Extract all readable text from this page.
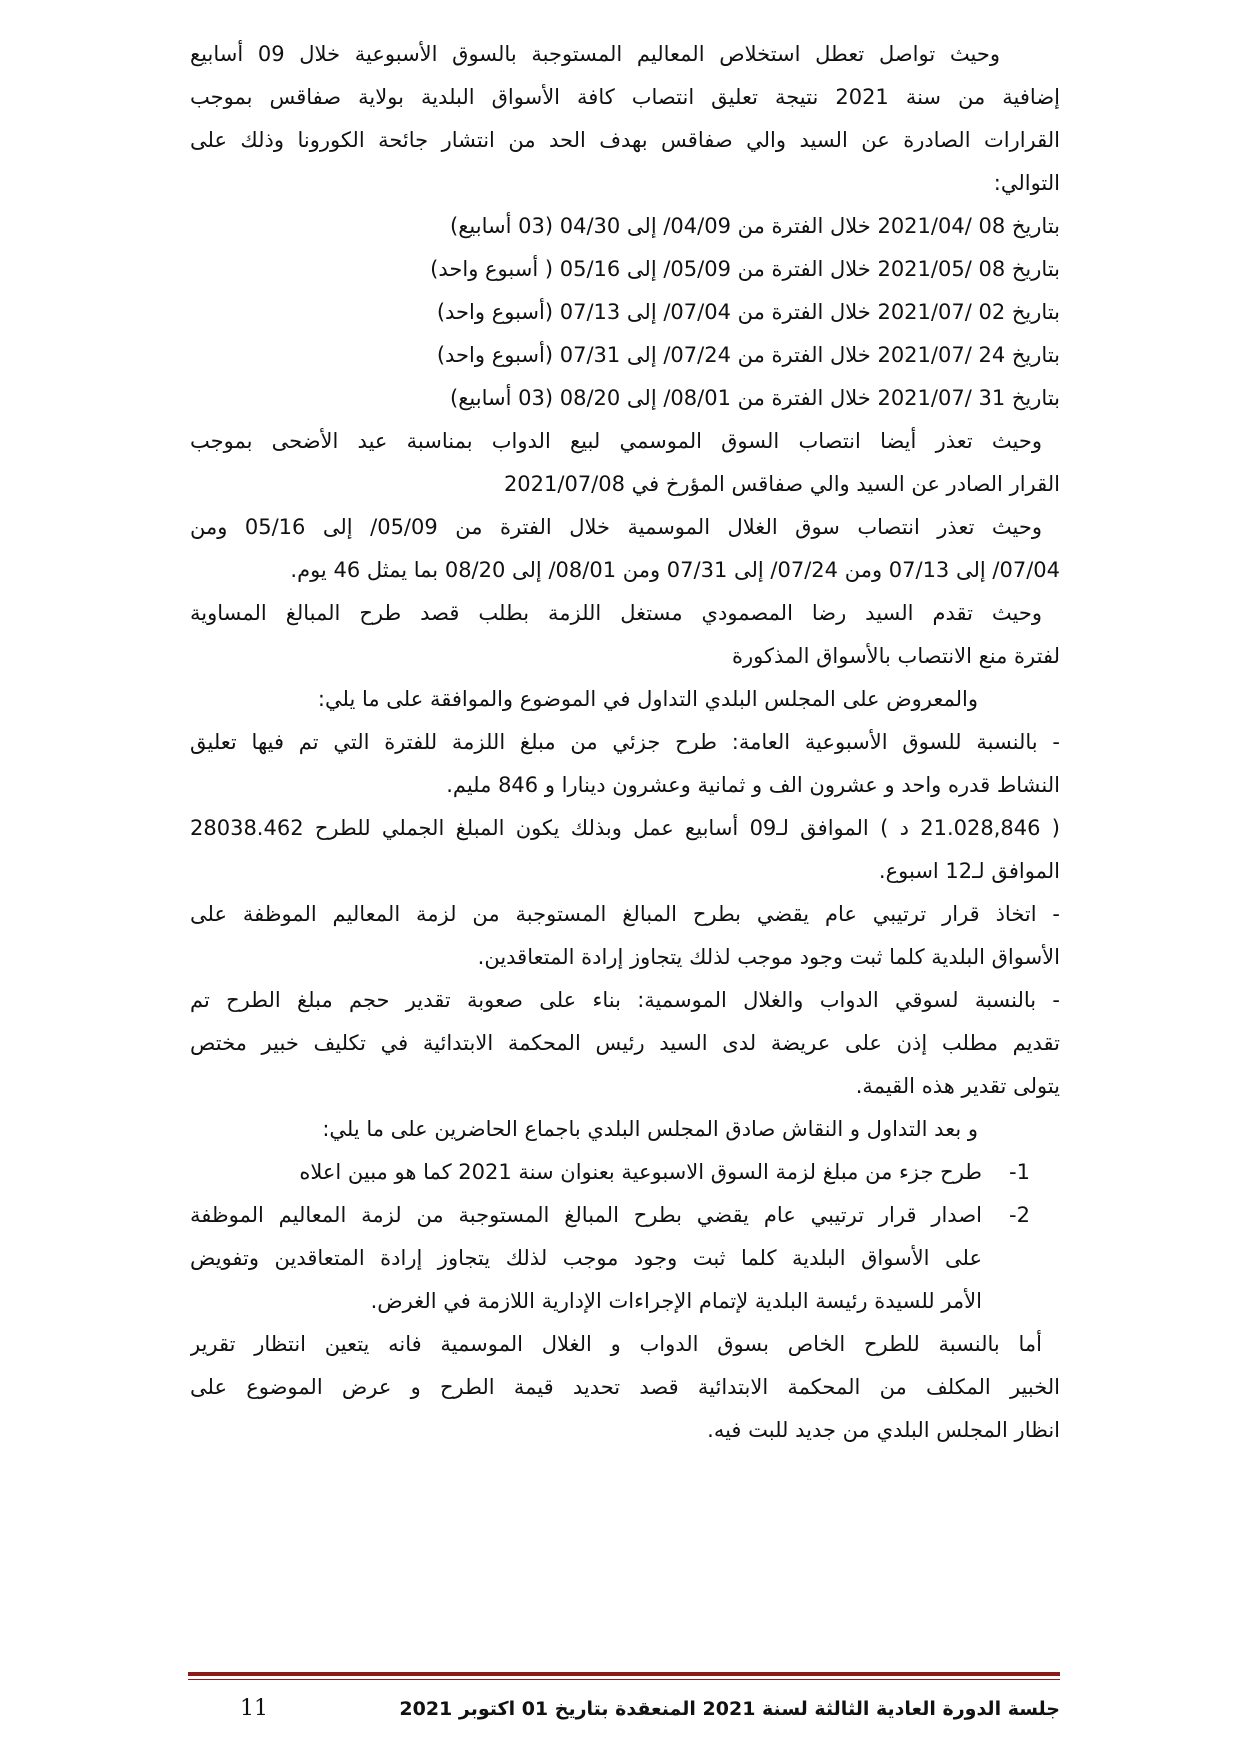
وحيث تواصل تعطل استخلاص المعاليم المستوجبة بالسوق الأسبوعية خلال 09 أسابيع
إضافية من سنة 2021 نتيجة تعليق انتصاب كافة الأسواق البلدية بولاية صفاقس بموجب
القرارات الصادرة عن السيد والي صفاقس بهدف الحد من انتشار جائحة الكورونا وذلك على
التوالي:
بتاريخ 08 /2021/04 خلال الفترة من 04/09/ إلى 04/30 (03 أسابيع)
بتاريخ 08 /2021/05 خلال الفترة من 05/09/ إلى 05/16 ( أسبوع واحد)
بتاريخ 02 /2021/07 خلال الفترة من 07/04/ إلى 07/13 (أسبوع واحد)
بتاريخ 24 /2021/07 خلال الفترة من 07/24/ إلى 07/31 (أسبوع واحد)
بتاريخ 31 /2021/07 خلال الفترة من 08/01/ إلى 08/20 (03 أسابيع)
وحيث تعذر أيضا انتصاب السوق الموسمي لبيع الدواب بمناسبة عيد الأضحى بموجب
القرار الصادر عن السيد والي صفاقس المؤرخ في 2021/07/08
وحيث تعذر انتصاب سوق الغلال الموسمية خلال الفترة من 05/09/ إلى 05/16 ومن
07/04/ إلى 07/13 ومن 07/24/ إلى 07/31 ومن 08/01/ إلى 08/20 بما يمثل 46 يوم.
وحيث تقدم السيد رضا المصمودي مستغل اللزمة بطلب قصد طرح المبالغ المساوية
لفترة منع الانتصاب بالأسواق المذكورة
والمعروض على المجلس البلدي التداول في الموضوع والموافقة على ما يلي:
- بالنسبة للسوق الأسبوعية العامة: طرح جزئي من مبلغ اللزمة للفترة التي تم فيها تعليق
النشاط قدره واحد و عشرون الف و ثمانية وعشرون دينارا و 846 مليم.
( 21.028,846 د ) الموافق لـ09 أسابيع عمل وبذلك يكون المبلغ الجملي للطرح 28038.462
الموافق لـ12 اسبوع.
- اتخاذ قرار ترتيبي عام يقضي بطرح المبالغ المستوجبة من لزمة المعاليم الموظفة على
الأسواق البلدية كلما ثبت وجود موجب لذلك يتجاوز إرادة المتعاقدين.
- بالنسبة لسوقي الدواب والغلال الموسمية: بناء على صعوبة تقدير حجم مبلغ الطرح تم
تقديم مطلب إذن على عريضة لدى السيد رئيس المحكمة الابتدائية في تكليف خبير مختص
يتولى تقدير هذه القيمة.
و بعد التداول و النقاش صادق المجلس البلدي باجماع الحاضرين على ما يلي:
1-
طرح جزء من مبلغ لزمة السوق الاسبوعية بعنوان سنة 2021 كما هو مبين اعلاه
2-
اصدار قرار ترتيبي عام يقضي بطرح المبالغ المستوجبة من لزمة المعاليم الموظفة
على الأسواق البلدية كلما ثبت وجود موجب لذلك يتجاوز إرادة المتعاقدين وتفويض
الأمر للسيدة رئيسة البلدية لإتمام الإجراءات الإدارية اللازمة في الغرض.
أما بالنسبة للطرح الخاص بسوق الدواب و الغلال الموسمية فانه يتعين انتظار تقرير
الخبير المكلف من المحكمة الابتدائية قصد تحديد قيمة الطرح و عرض الموضوع على
انظار المجلس البلدي من جديد للبت فيه.
جلسة الدورة العادية الثالثة لسنة 2021 المنعقدة بتاريخ 01 اكتوبر 2021
11
